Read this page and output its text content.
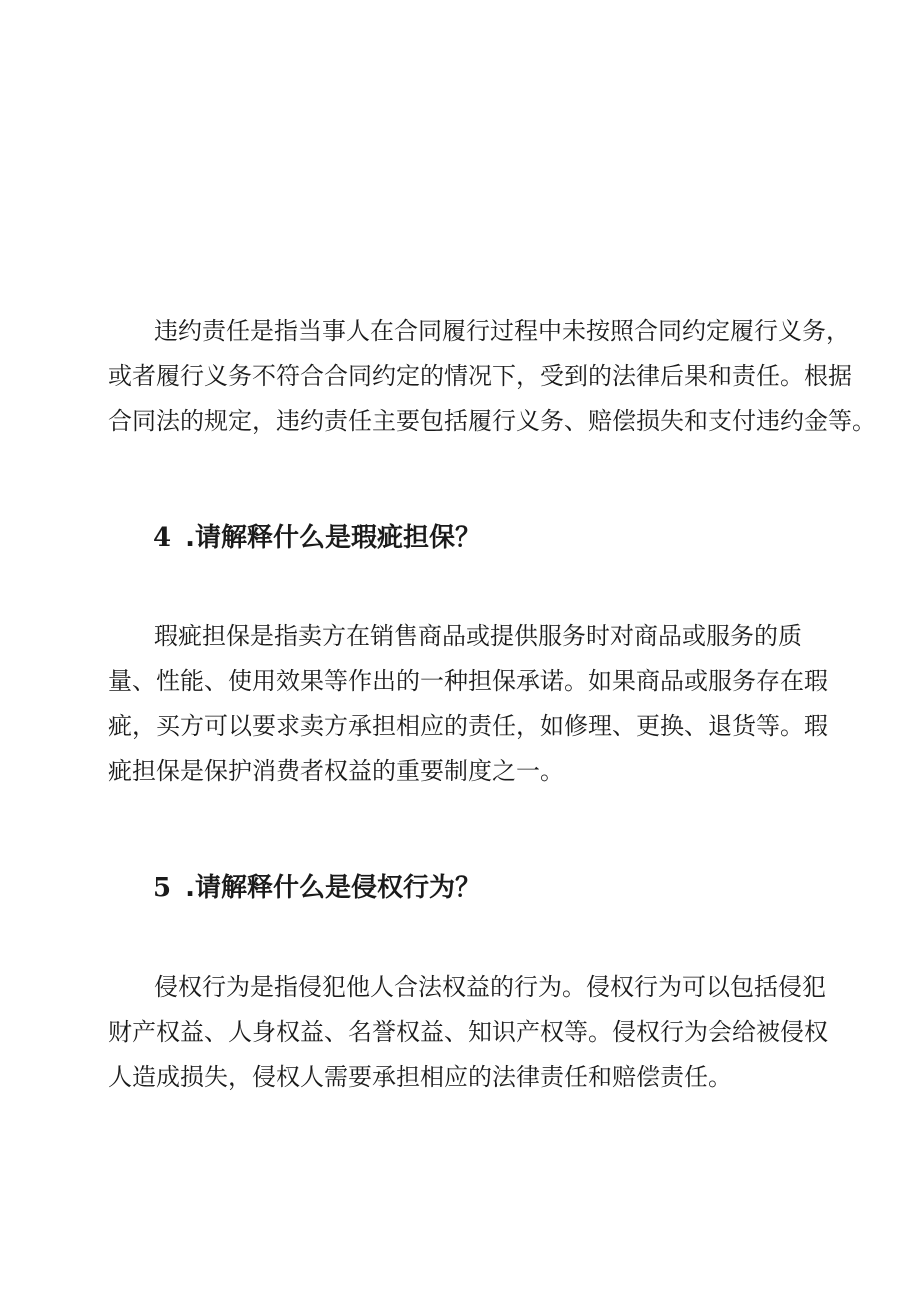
违约责任是指当事人在合同履行过程中未按照合同约定履行义务，
或者履行义务不符合合同约定的情况下，受到的法律后果和责任。根据
合同法的规定，违约责任主要包括履行义务、赔偿损失和支付违约金等。

4 .请解释什么是瑕疵担保？

瑕疵担保是指卖方在销售商品或提供服务时对商品或服务的质
量、性能、使用效果等作出的一种担保承诺。如果商品或服务存在瑕
疵，买方可以要求卖方承担相应的责任，如修理、更换、退货等。瑕
疵担保是保护消费者权益的重要制度之一。

5 .请解释什么是侵权行为？

侵权行为是指侵犯他人合法权益的行为。侵权行为可以包括侵犯
财产权益、人身权益、名誉权益、知识产权等。侵权行为会给被侵权
人造成损失，侵权人需要承担相应的法律责任和赔偿责任。
